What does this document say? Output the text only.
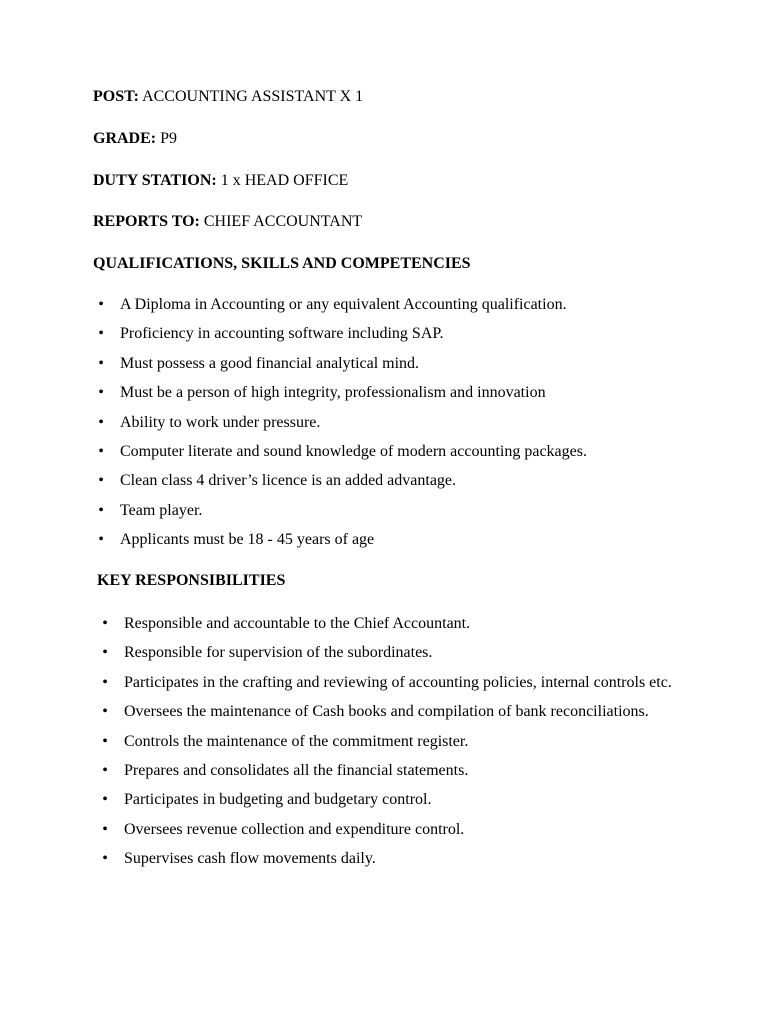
POST: ACCOUNTING ASSISTANT X 1
GRADE: P9
DUTY STATION: 1 x HEAD OFFICE
REPORTS TO: CHIEF ACCOUNTANT
QUALIFICATIONS, SKILLS AND COMPETENCIES
• A Diploma in Accounting or any equivalent Accounting qualification.
• Proficiency in accounting software including SAP.
• Must possess a good financial analytical mind.
• Must be a person of high integrity, professionalism and innovation
• Ability to work under pressure.
• Computer literate and sound knowledge of modern accounting packages.
• Clean class 4 driver’s licence is an added advantage.
• Team player.
• Applicants must be 18 - 45 years of age
KEY RESPONSIBILITIES
• Responsible and accountable to the Chief Accountant.
• Responsible for supervision of the subordinates.
• Participates in the crafting and reviewing of accounting policies, internal controls etc.
• Oversees the maintenance of Cash books and compilation of bank reconciliations.
• Controls the maintenance of the commitment register.
• Prepares and consolidates all the financial statements.
• Participates in budgeting and budgetary control.
• Oversees revenue collection and expenditure control.
• Supervises cash flow movements daily.
